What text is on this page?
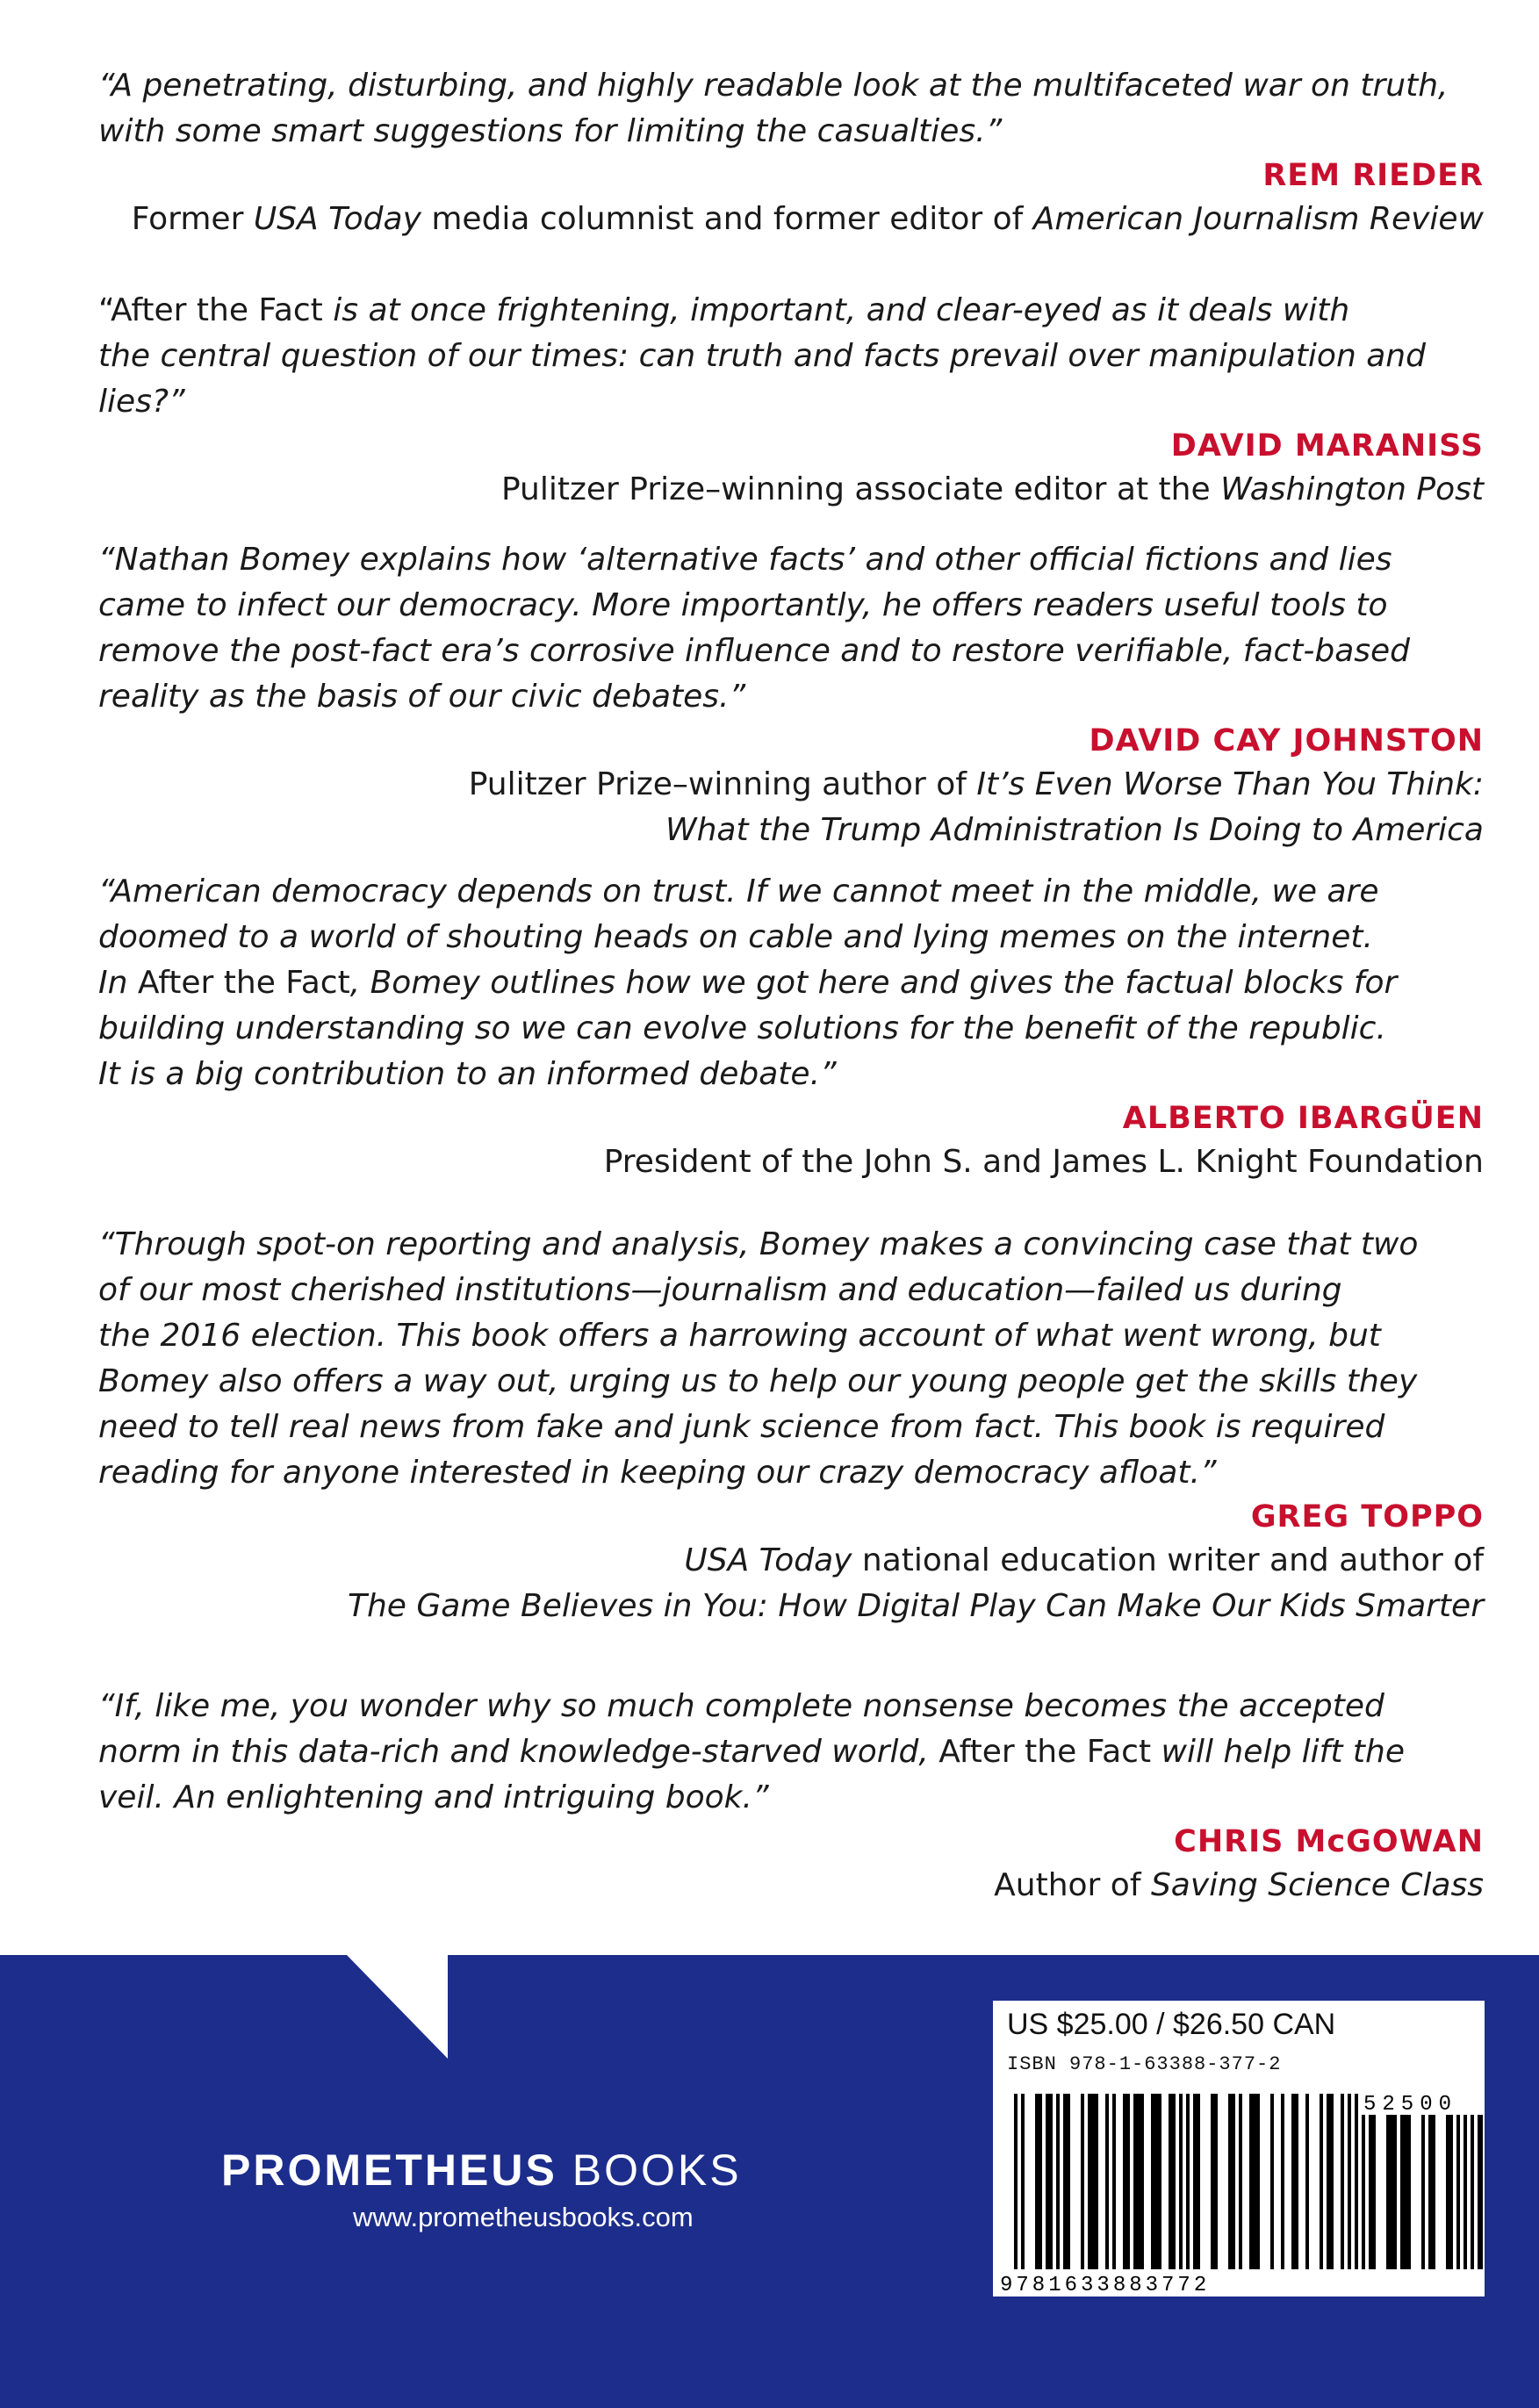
“A penetrating, disturbing, and highly readable look at the multifaceted war on truth,

with some smart suggestions for limiting the casualties.”

REM RIEDER

Former USA Today media columnist and former editor of American Journalism Review

“After the Fact is at once frightening, important, and clear-eyed as it deals with

the central question of our times: can truth and facts prevail over manipulation and

lies?”

DAVID MARANISS

Pulitzer Prize–winning associate editor at the Washington Post

“Nathan Bomey explains how ‘alternative facts’ and other official fictions and lies

came to infect our democracy. More importantly, he offers readers useful tools to

remove the post-fact era’s corrosive influence and to restore verifiable, fact-based

reality as the basis of our civic debates.”

DAVID CAY JOHNSTON

Pulitzer Prize–winning author of It’s Even Worse Than You Think:

What the Trump Administration Is Doing to America

“American democracy depends on trust. If we cannot meet in the middle, we are

doomed to a world of shouting heads on cable and lying memes on the internet.

In After the Fact, Bomey outlines how we got here and gives the factual blocks for

building understanding so we can evolve solutions for the benefit of the republic.

It is a big contribution to an informed debate.”

ALBERTO IBARGÜEN

President of the John S. and James L. Knight Foundation

“Through spot-on reporting and analysis, Bomey makes a convincing case that two

of our most cherished institutions—journalism and education—failed us during

the 2016 election. This book offers a harrowing account of what went wrong, but

Bomey also offers a way out, urging us to help our young people get the skills they

need to tell real news from fake and junk science from fact. This book is required

reading for anyone interested in keeping our crazy democracy afloat.”

GREG TOPPO

USA Today national education writer and author of

The Game Believes in You: How Digital Play Can Make Our Kids Smarter

“If, like me, you wonder why so much complete nonsense becomes the accepted

norm in this data-rich and knowledge-starved world, After the Fact will help lift the

veil. An enlightening and intriguing book.”

CHRIS McGOWAN

Author of Saving Science Class

PROMETHEUS BOOKS

www.prometheusbooks.com

9781633883772
52500

US $25.00 / $26.50 CAN

ISBN 978-1-63388-377-2
